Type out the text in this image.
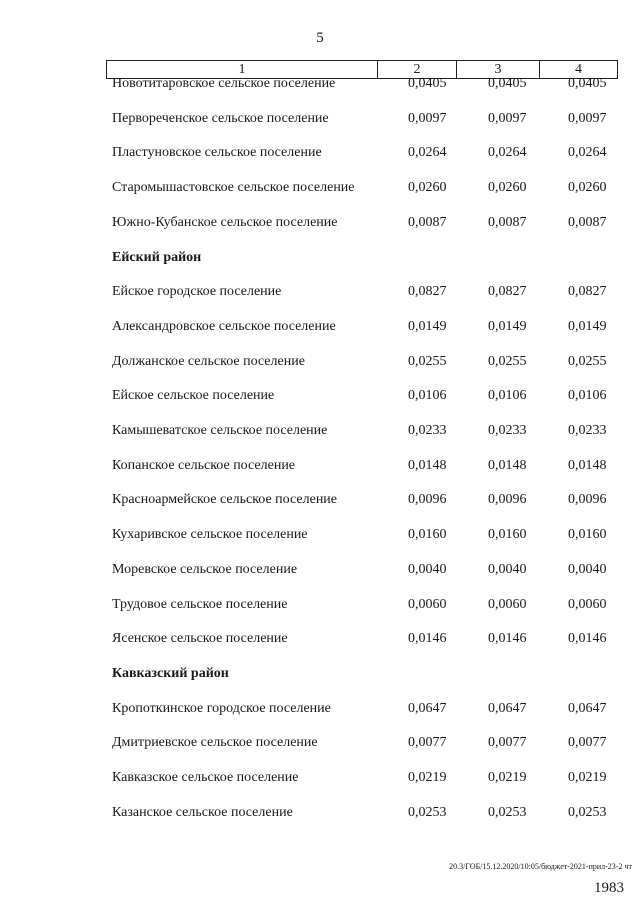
5
1	2	3	4
Новотитаровское сельское поселение	0,0405	0,0405	0,0405
Первореченское сельское поселение	0,0097	0,0097	0,0097
Пластуновское сельское поселение	0,0264	0,0264	0,0264
Старомышастовское сельское поселение	0,0260	0,0260	0,0260
Южно-Кубанское сельское поселение	0,0087	0,0087	0,0087
Ейский район
Ейское городское поселение	0,0827	0,0827	0,0827
Александровское сельское поселение	0,0149	0,0149	0,0149
Должанское сельское поселение	0,0255	0,0255	0,0255
Ейское сельское поселение	0,0106	0,0106	0,0106
Камышеватское сельское поселение	0,0233	0,0233	0,0233
Копанское сельское поселение	0,0148	0,0148	0,0148
Красноармейское сельское поселение	0,0096	0,0096	0,0096
Кухаривское сельское поселение	0,0160	0,0160	0,0160
Моревское сельское поселение	0,0040	0,0040	0,0040
Трудовое сельское поселение	0,0060	0,0060	0,0060
Ясенское сельское поселение	0,0146	0,0146	0,0146
Кавказский район
Кропоткинское городское поселение	0,0647	0,0647	0,0647
Дмитриевское сельское поселение	0,0077	0,0077	0,0077
Кавказское сельское поселение	0,0219	0,0219	0,0219
Казанское сельское поселение	0,0253	0,0253	0,0253
20.3/ГОБ/15.12.2020/10:05/бюджет-2021-прил-23-2 чт
1983
